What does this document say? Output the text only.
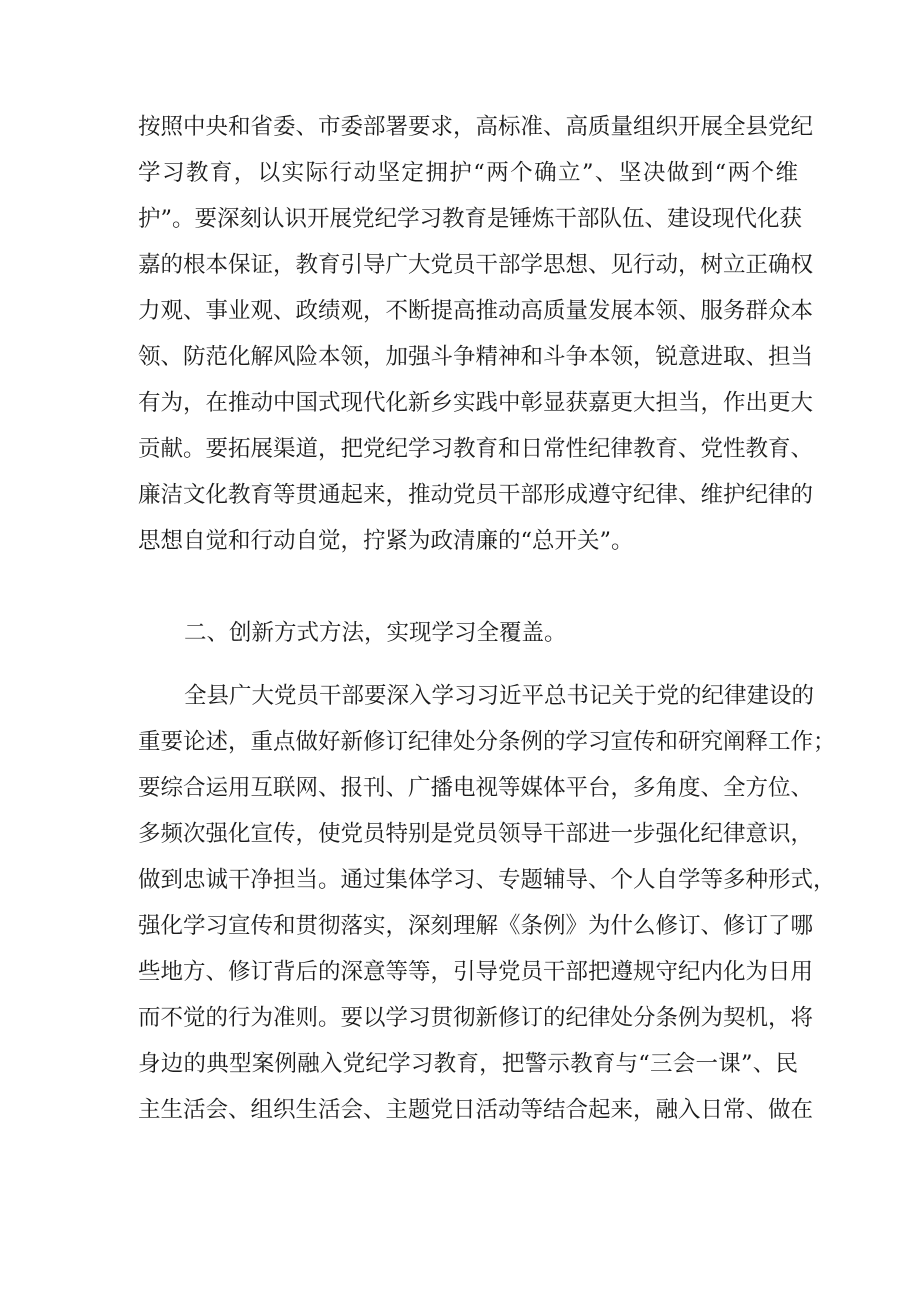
按照中央和省委、市委部署要求，高标准、高质量组织开展全县党纪
学习教育，以实际行动坚定拥护“两个确立”、坚决做到“两个维
护”。要深刻认识开展党纪学习教育是锤炼干部队伍、建设现代化获
嘉的根本保证，教育引导广大党员干部学思想、见行动，树立正确权
力观、事业观、政绩观，不断提高推动高质量发展本领、服务群众本
领、防范化解风险本领，加强斗争精神和斗争本领，锐意进取、担当
有为，在推动中国式现代化新乡实践中彰显获嘉更大担当，作出更大
贡献。要拓展渠道，把党纪学习教育和日常性纪律教育、党性教育、
廉洁文化教育等贯通起来，推动党员干部形成遵守纪律、维护纪律的
思想自觉和行动自觉，拧紧为政清廉的“总开关”。
二、创新方式方法，实现学习全覆盖。
全县广大党员干部要深入学习习近平总书记关于党的纪律建设的
重要论述，重点做好新修订纪律处分条例的学习宣传和研究阐释工作；
要综合运用互联网、报刊、广播电视等媒体平台，多角度、全方位、
多频次强化宣传，使党员特别是党员领导干部进一步强化纪律意识，
做到忠诚干净担当。通过集体学习、专题辅导、个人自学等多种形式，
强化学习宣传和贯彻落实，深刻理解《条例》为什么修订、修订了哪
些地方、修订背后的深意等等，引导党员干部把遵规守纪内化为日用
而不觉的行为准则。要以学习贯彻新修订的纪律处分条例为契机，将
身边的典型案例融入党纪学习教育，把警示教育与“三会一课”、民
主生活会、组织生活会、主题党日活动等结合起来，融入日常、做在
